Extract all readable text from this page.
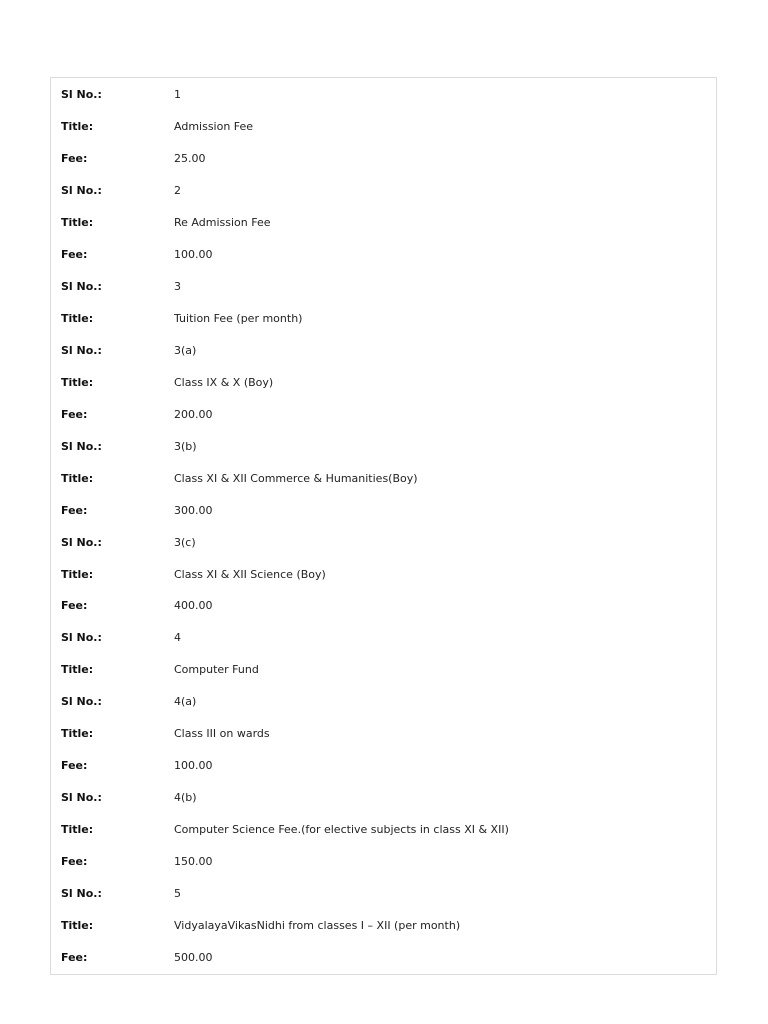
Sl No.:	1
Title:	Admission Fee
Fee:	25.00
Sl No.:	2
Title:	Re Admission Fee
Fee:	100.00
Sl No.:	3
Title:	Tuition Fee (per month)
Sl No.:	3(a)
Title:	Class IX & X (Boy)
Fee:	200.00
Sl No.:	3(b)
Title:	Class XI & XII Commerce & Humanities(Boy)
Fee:	300.00
Sl No.:	3(c)
Title:	Class XI & XII Science (Boy)
Fee:	400.00
Sl No.:	4
Title:	Computer Fund
Sl No.:	4(a)
Title:	Class III on wards
Fee:	100.00
Sl No.:	4(b)
Title:	Computer Science Fee.(for elective subjects in class XI & XII)
Fee:	150.00
Sl No.:	5
Title:	VidyalayaVikasNidhi from classes I – XII (per month)
Fee:	500.00
